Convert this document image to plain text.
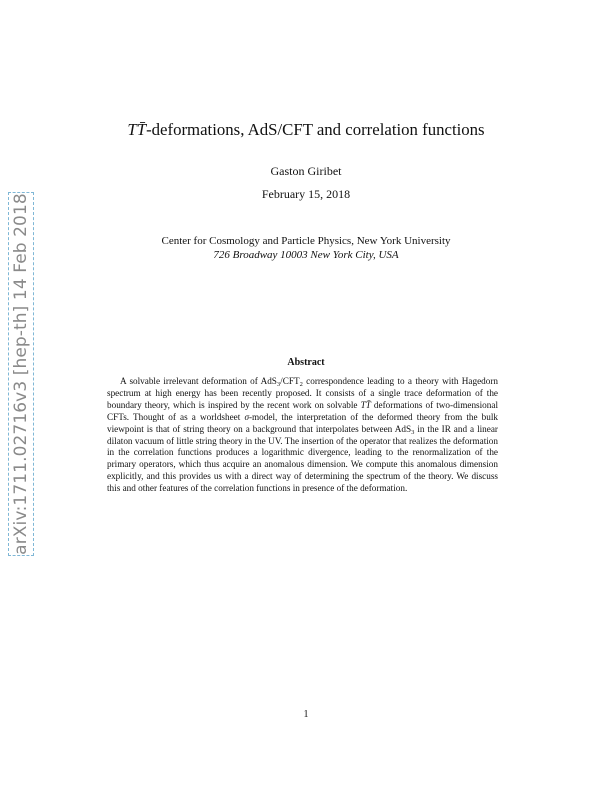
arXiv:1711.02716v3 [hep-th] 14 Feb 2018
TT̄-deformations, AdS/CFT and correlation functions
Gaston Giribet
February 15, 2018
Center for Cosmology and Particle Physics, New York University
726 Broadway 10003 New York City, USA
Abstract
A solvable irrelevant deformation of $AdS_3/CFT_2$ correspondence leading to a theory with Hagedorn spectrum at high energy has been recently proposed. It consists of a single trace deformation of the boundary theory, which is inspired by the recent work on solvable TT̄ deformations of two-dimensional CFTs. Thought of as a worldsheet σ-model, the interpretation of the deformed theory from the bulk viewpoint is that of string theory on a background that interpolates between AdS$_3$ in the IR and a linear dilaton vacuum of little string theory in the UV. The insertion of the operator that realizes the deformation in the correlation functions produces a logarithmic divergence, leading to the renormalization of the primary operators, which thus acquire an anomalous dimension. We compute this anomalous dimension explicitly, and this provides us with a direct way of determining the spectrum of the theory. We discuss this and other features of the correlation functions in presence of the deformation.
1
